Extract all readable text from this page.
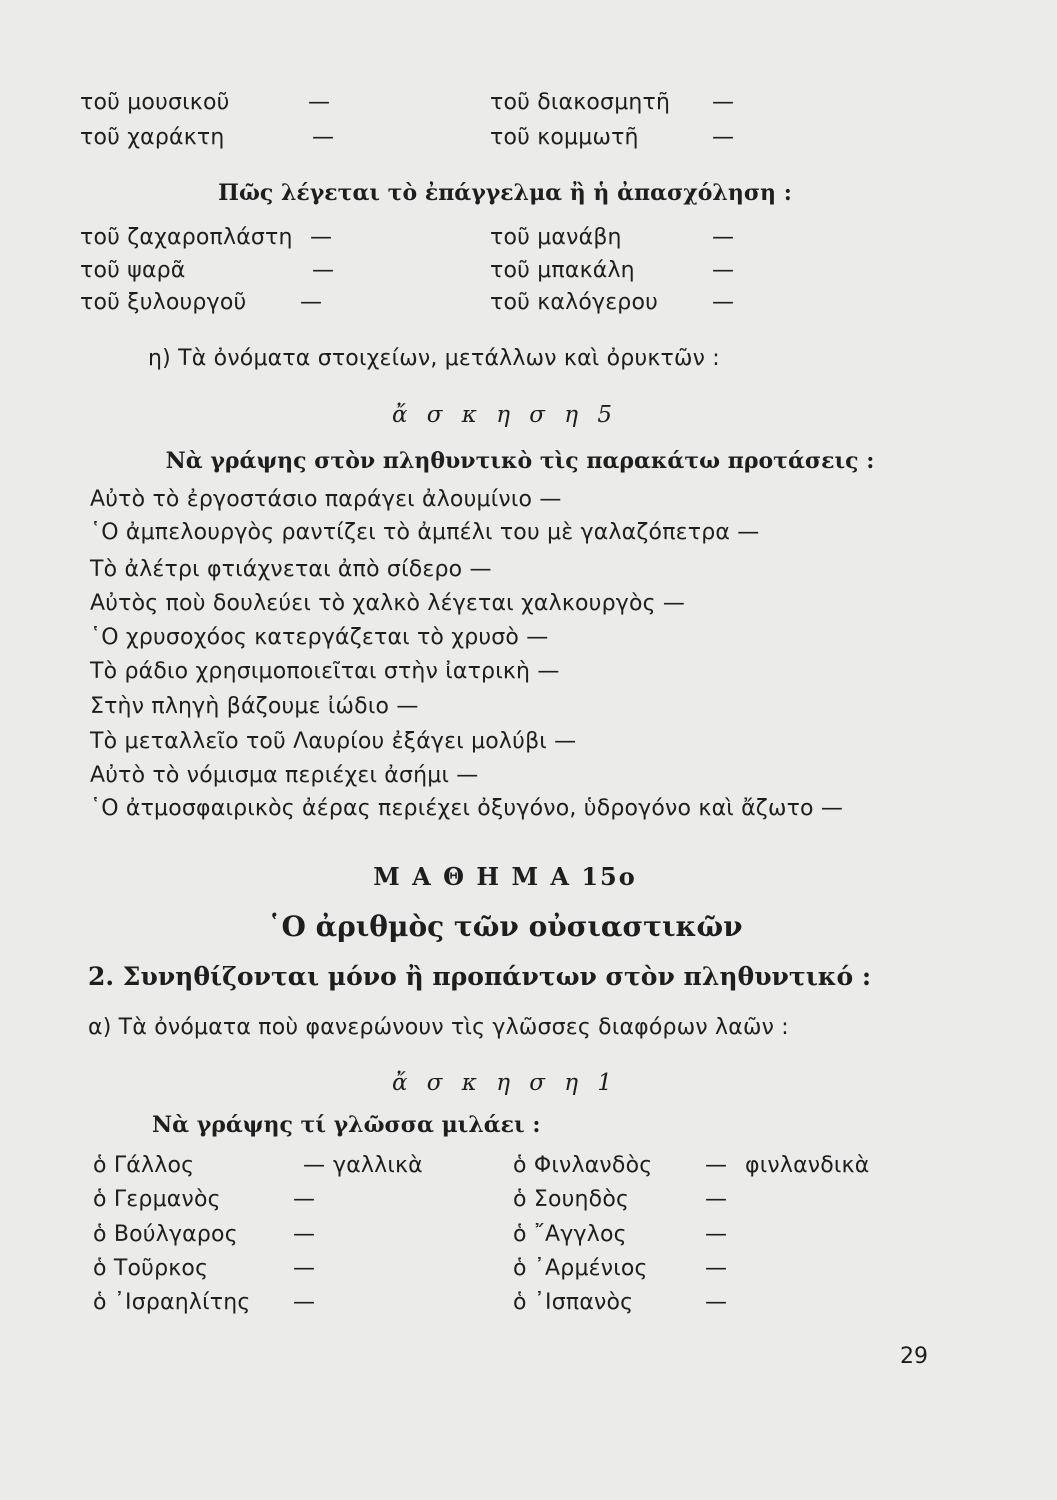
τοῦ μουσικοῦ	—	τοῦ διακοσμητῆ —
τοῦ χαράκτη	—	τοῦ κομμωτῆ	—
Πῶς λέγεται τὸ ἐπάγγελμα ἢ ἡ ἀπασχόληση :
τοῦ ζαχαροπλάστη —	τοῦ μανάβη	—
τοῦ ψαρᾶ	—	τοῦ μπακάλη	—
τοῦ ξυλουργοῦ —	τοῦ καλόγερου —
η) Τὰ ὀνόματα στοιχείων, μετάλλων καὶ ὀρυκτῶν :
ἄ σ κ η σ η 5
Νὰ γράψης στὸν πληθυντικὸ τὶς παρακάτω προτάσεις :
Αὐτὸ τὸ ἐργοστάσιο παράγει ἀλουμίνιο —
῾Ο ἀμπελουργὸς ραντίζει τὸ ἀμπέλι του μὲ γαλαζόπετρα —
Τὸ ἀλέτρι φτιάχνεται ἀπὸ σίδερο —
Αὐτὸς ποὺ δουλεύει τὸ χαλκὸ λέγεται χαλκουργὸς —
῾Ο χρυσοχόος κατεργάζεται τὸ χρυσὸ —
Τὸ ράδιο χρησιμοποιεῖται στὴν ἰατρικὴ —
Στὴν πληγὴ βάζουμε ἰώδιο —
Τὸ μεταλλεῖο τοῦ Λαυρίου ἐξάγει μολύβι —
Αὐτὸ τὸ νόμισμα περιέχει ἀσήμι —
῾Ο ἀτμοσφαιρικὸς ἀέρας περιέχει ὀξυγόνο, ὑδρογόνο καὶ ἄζωτο —
Μ Α Θ Η Μ Α 15ο
῾Ο ἀριθμὸς τῶν οὐσιαστικῶν
2. Συνηθίζονται μόνο ἢ προπάντων στὸν πληθυντικό :
α) Τὰ ὀνόματα ποὺ φανερώνουν τὶς γλῶσσες διαφόρων λαῶν :
ἄ σ κ η σ η 1
Νὰ γράψης τί γλῶσσα μιλάει :
ὁ Γάλλος	— γαλλικὰ	ὁ Φινλανδὸς — φινλανδικὰ
ὁ Γερμανὸς	—	ὁ Σουηδὸς	—
ὁ Βούλγαρος	—	ὁ ῎Αγγλος	—
ὁ Τοῦρκος	—	ὁ ᾿Αρμένιος	—
ὁ ᾿Ισραηλίτης —	ὁ ᾿Ισπανὸς	—
29
